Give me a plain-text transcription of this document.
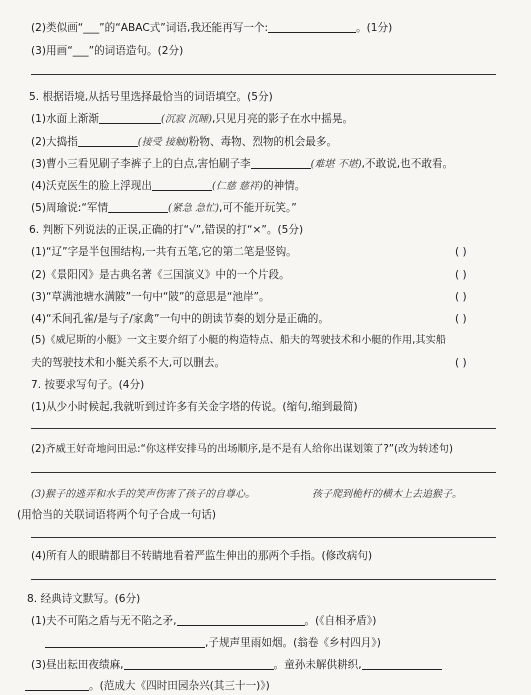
(2)类似画“___”的“ABAC式”词语,我还能再写一个:	。(1分)
(3)用画“___”的词语造句。(2分)
5. 根据语境,从括号里选择最恰当的词语填空。(5分)
(1)水面上渐渐	(沉寂 沉睡),只见月亮的影子在水中摇晃。
(2)大捣指	(接受 接触)粉物、毒物、烈物的机会最多。
(3)曹小三看见刷子李裤子上的白点,害怕刷子李	(难堪 不堪),不敢说,也不敢看。
(4)沃克医生的脸上浮现出	(仁慈 慈祥)的神情。
(5)周瑜说:“军情	(紧急 急忙),可不能开玩笑。”
6. 判断下列说法的正误,正确的打“√”,错误的打“×”。(5分)
(1)“辽”字是半包围结构,一共有五笔,它的第二笔是竖钩。	( )
(2)《景阳冈》是古典名著《三国演义》中的一个片段。	( )
(3)“草满池塘水满陂”一句中“陂”的意思是“池岸”。	( )
(4)“禾间孔雀/是与子/家禽”一句中的朗读节奏的划分是正确的。	( )
(5)《威尼斯的小艇》一文主要介绍了小艇的构造特点、船夫的驾驶技术和小艇的作用,其实船
夫的驾驶技术和小艇关系不大,可以删去。	( )
7. 按要求写句子。(4分)
(1)从少小时候起,我就听到过许多有关金字塔的传说。(缩句,缩到最简)
(2)齐威王好奇地问田忌:“你这样安排马的出场顺序,是不是有人给你出谋划策了?”(改为转述句)
(3)猴子的逃弄和水手的笑声伤害了孩子的自尊心。	孩子爬到桅杆的横木上去追猴子。
(用恰当的关联词语将两个句子合成一句话)
(4)所有人的眼睛都目不转睛地看着严监生伸出的那两个手指。(修改病句)
8. 经典诗文默写。(6分)
(1)夫不可陷之盾与无不陷之矛,	。(《自相矛盾》)
,子规声里雨如烟。(翁卷《乡村四月》)
(3)昼出耘田夜绩麻,	。童孙未解供耕织,
。(范成大《四时田园杂兴(其三十一)》)
